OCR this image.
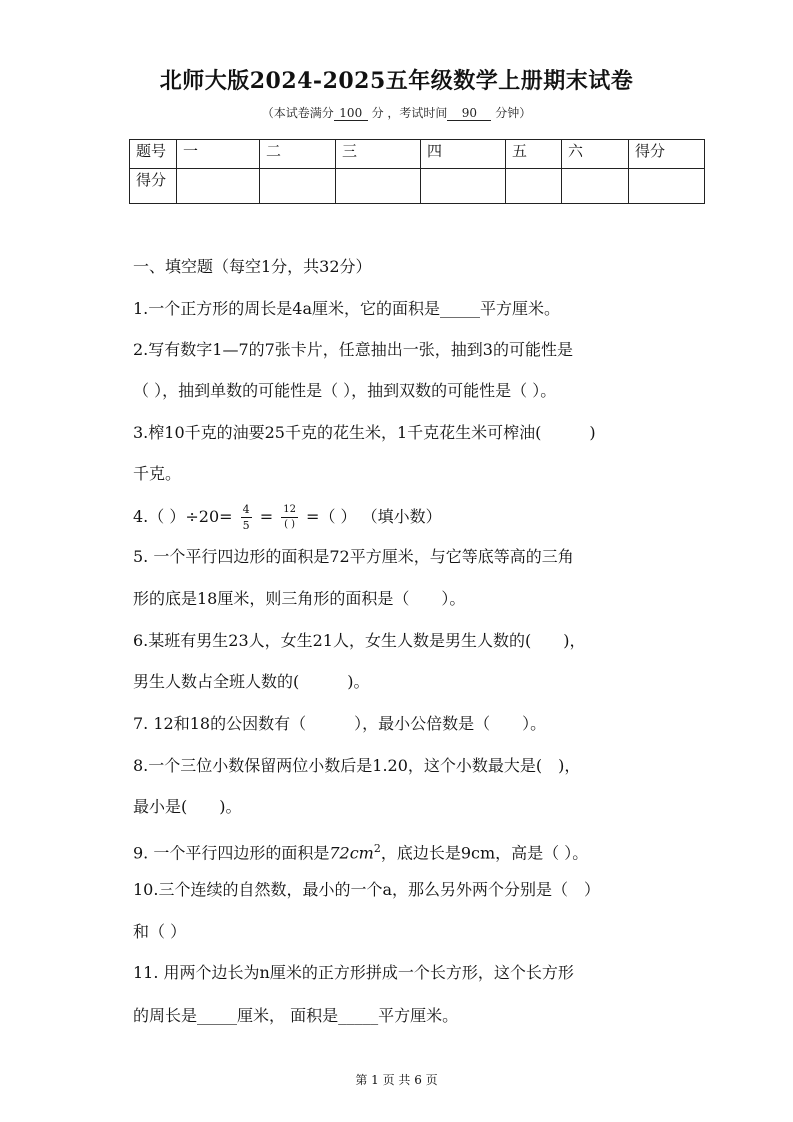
北师大版2024-2025五年级数学上册期末试卷
（本试卷满分 100 分 ，考试时间 90 分钟）
题号	一	二	三	四	五	六	得分
得分							
一、填空题（每空1分，共32分）
1.一个正方形的周长是4a厘米，它的面积是_____平方厘米。
2.写有数字1—7的7张卡片，任意抽出一张，抽到3的可能性是
（ ），抽到单数的可能性是（ ），抽到双数的可能性是（ ）。
3.榨10千克的油要25千克的花生米，1千克花生米可榨油(　　　)
千克。
4.（ ）$\div 20= \frac{4}{5} = \frac{12}{( )}$ =（ ） （填小数）
5. 一个平行四边形的面积是72平方厘米，与它等底等高的三角
形的底是18厘米，则三角形的面积是（　　）。
6.某班有男生23人，女生21人，女生人数是男生人数的(　　)，
男生人数占全班人数的(　　　)。
7. 12和18的公因数有（　　　），最小公倍数是（　　）。
8.一个三位小数保留两位小数后是1.20，这个小数最大是(　)，
最小是(　　)。
9. 一个平行四边形的面积是$72cm^2$，底边长是9cm，高是（ ）。
10.三个连续的自然数，最小的一个a，那么另外两个分别是（　）
和（ ）
11. 用两个边长为n厘米的正方形拼成一个长方形，这个长方形
的周长是_____厘米， 面积是_____平方厘米。
第 1 页 共 6 页
